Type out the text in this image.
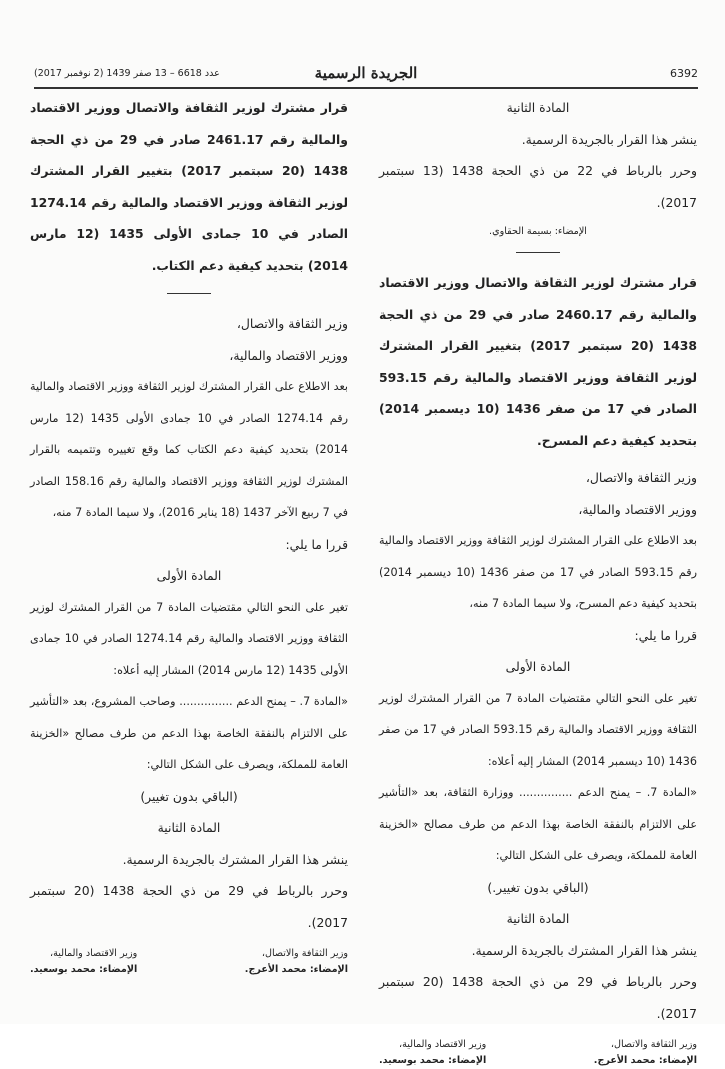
6392
الجريدة الرسمية
عدد 6618 – 13 صفر 1439 (2 نوفمبر 2017)

المادة الثانية

ينشر هذا القرار بالجريدة الرسمية.

وحرر بالرباط في 22 من ذي الحجة 1438 (13 سبتمبر 2017).

الإمضاء: بسيمة الحقاوي.

قرار مشترك لوزير الثقافة والاتصال ووزير الاقتصاد والمالية رقم 2460.17 صادر في 29 من ذي الحجة 1438 (20 سبتمبر 2017) بتغيير القرار المشترك لوزير الثقافة ووزير الاقتصاد والمالية رقم 593.15 الصادر في 17 من صفر 1436 (10 ديسمبر 2014) بتحديد كيفية دعم المسرح.

وزير الثقافة والاتصال،

ووزير الاقتصاد والمالية،

بعد الاطلاع على القرار المشترك لوزير الثقافة ووزير الاقتصاد والمالية رقم 593.15 الصادر في 17 من صفر 1436 (10 ديسمبر 2014) بتحديد كيفية دعم المسرح، ولا سيما المادة 7 منه،

قررا ما يلي:

المادة الأولى

تغير على النحو التالي مقتضيات المادة 7 من القرار المشترك لوزير الثقافة ووزير الاقتصاد والمالية رقم 593.15 الصادر في 17 من صفر 1436 (10 ديسمبر 2014) المشار إليه أعلاه:

«المادة 7. – يمنح الدعم ............... ووزارة الثقافة، بعد «التأشير على الالتزام بالنفقة الخاصة بهذا الدعم من طرف مصالح «الخزينة العامة للمملكة، ويصرف على الشكل التالي:

(الباقي بدون تغيير.)

المادة الثانية

ينشر هذا القرار المشترك بالجريدة الرسمية.

وحرر بالرباط في 29 من ذي الحجة 1438 (20 سبتمبر 2017).

وزير الثقافة والاتصال،
الإمضاء: محمد الأعرج.
وزير الاقتصاد والمالية،
الإمضاء: محمد بوسعيد.

قرار مشترك لوزير الثقافة والاتصال ووزير الاقتصاد والمالية رقم 2461.17 صادر في 29 من ذي الحجة 1438 (20 سبتمبر 2017) بتغيير القرار المشترك لوزير الثقافة ووزير الاقتصاد والمالية رقم 1274.14 الصادر في 10 جمادى الأولى 1435 (12 مارس 2014) بتحديد كيفية دعم الكتاب.

وزير الثقافة والاتصال،

ووزير الاقتصاد والمالية،

بعد الاطلاع على القرار المشترك لوزير الثقافة ووزير الاقتصاد والمالية رقم 1274.14 الصادر في 10 جمادى الأولى 1435 (12 مارس 2014) بتحديد كيفية دعم الكتاب كما وقع تغييره وتتميمه بالقرار المشترك لوزير الثقافة ووزير الاقتصاد والمالية رقم 158.16 الصادر في 7 ربيع الآخر 1437 (18 يناير 2016)، ولا سيما المادة 7 منه،

قررا ما يلي:

المادة الأولى

تغير على النحو التالي مقتضيات المادة 7 من القرار المشترك لوزير الثقافة ووزير الاقتصاد والمالية رقم 1274.14 الصادر في 10 جمادى الأولى 1435 (12 مارس 2014) المشار إليه أعلاه:

«المادة 7. – يمنح الدعم ............... وصاحب المشروع، بعد «التأشير على الالتزام بالنفقة الخاصة بهذا الدعم من طرف مصالح «الخزينة العامة للمملكة، ويصرف على الشكل التالي:

(الباقي بدون تغيير)

المادة الثانية

ينشر هذا القرار المشترك بالجريدة الرسمية.

وحرر بالرباط في 29 من ذي الحجة 1438 (20 سبتمبر 2017).

وزير الثقافة والاتصال،
الإمضاء: محمد الأعرج.
وزير الاقتصاد والمالية،
الإمضاء: محمد بوسعيد.
